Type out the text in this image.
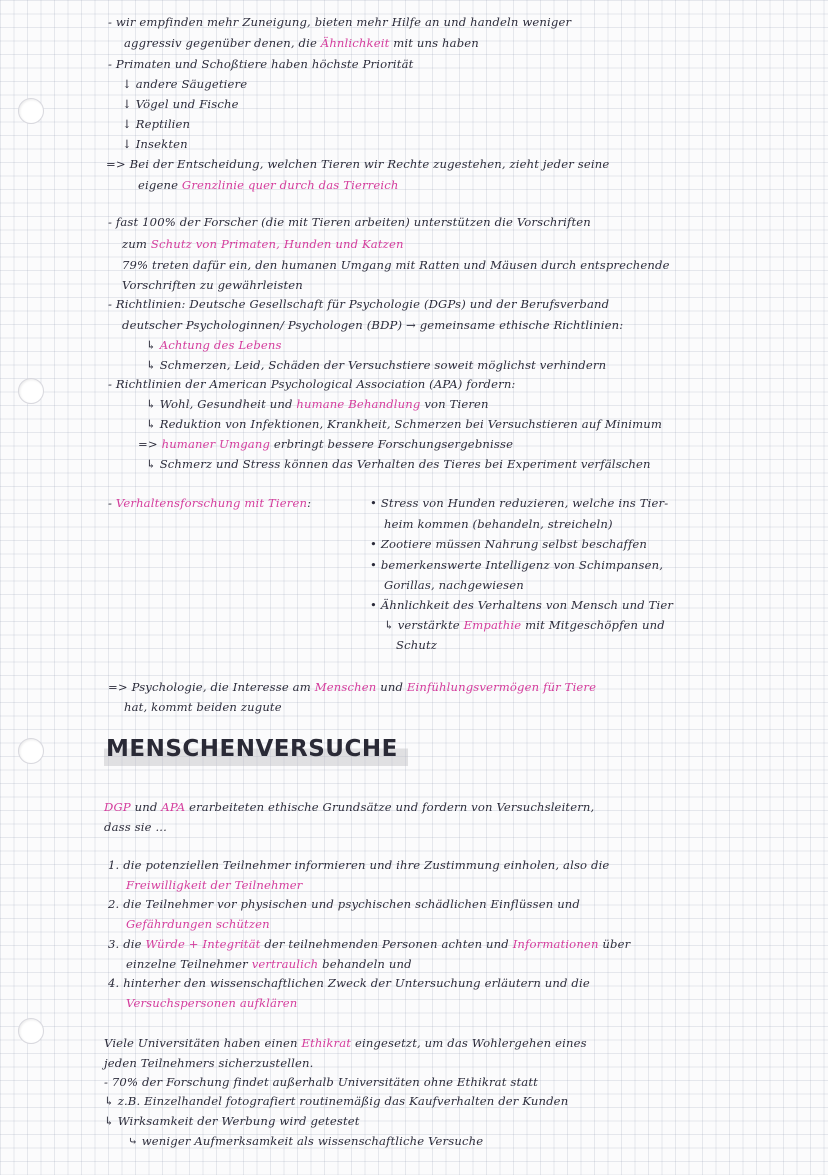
MENSCHENVERSUCHE
- wir empfinden mehr Zuneigung, bieten mehr Hilfe an und handeln weniger
aggressiv gegenüber denen, die Ähnlichkeit mit uns haben
- Primaten und Schoßtiere haben höchste Priorität
↓ andere Säugetiere
↓ Vögel und Fische
↓ Reptilien
↓ Insekten
=> Bei der Entscheidung, welchen Tieren wir Rechte zugestehen, zieht jeder seine
eigene Grenzlinie quer durch das Tierreich
- fast 100% der Forscher (die mit Tieren arbeiten) unterstützen die Vorschriften
zum Schutz von Primaten, Hunden und Katzen
79% treten dafür ein, den humanen Umgang mit Ratten und Mäusen durch entsprechende
Vorschriften zu gewährleisten
- Richtlinien: Deutsche Gesellschaft für Psychologie (DGPs) und der Berufsverband
deutscher Psychologinnen/ Psychologen (BDP) → gemeinsame ethische Richtlinien:
↳ Achtung des Lebens
↳ Schmerzen, Leid, Schäden der Versuchstiere soweit möglichst verhindern
- Richtlinien der American Psychological Association (APA) fordern:
↳ Wohl, Gesundheit und humane Behandlung von Tieren
↳ Reduktion von Infektionen, Krankheit, Schmerzen bei Versuchstieren auf Minimum
=> humaner Umgang erbringt bessere Forschungsergebnisse
↳ Schmerz und Stress können das Verhalten des Tieres bei Experiment verfälschen
- Verhaltensforschung mit Tieren:	• Stress von Hunden reduzieren, welche ins Tier-
heim kommen (behandeln, streicheln)
• Zootiere müssen Nahrung selbst beschaffen
• bemerkenswerte Intelligenz von Schimpansen,
Gorillas, nachgewiesen
• Ähnlichkeit des Verhaltens von Mensch und Tier
↳ verstärkte Empathie mit Mitgeschöpfen und
Schutz
=> Psychologie, die Interesse am Menschen und Einfühlungsvermögen für Tiere
hat, kommt beiden zugute
DGP und APA erarbeiteten ethische Grundsätze und fordern von Versuchsleitern,
dass sie ...
1. die potenziellen Teilnehmer informieren und ihre Zustimmung einholen, also die
Freiwilligkeit der Teilnehmer
2. die Teilnehmer vor physischen und psychischen schädlichen Einflüssen und
Gefährdungen schützen
3. die Würde + Integrität der teilnehmenden Personen achten und Informationen über
einzelne Teilnehmer vertraulich behandeln und
4. hinterher den wissenschaftlichen Zweck der Untersuchung erläutern und die
Versuchspersonen aufklären
Viele Universitäten haben einen Ethikrat eingesetzt, um das Wohlergehen eines
jeden Teilnehmers sicherzustellen.
- 70% der Forschung findet außerhalb Universitäten ohne Ethikrat statt
↳ z.B. Einzelhandel fotografiert routinemäßig das Kaufverhalten der Kunden
↳ Wirksamkeit der Werbung wird getestet
⤷ weniger Aufmerksamkeit als wissenschaftliche Versuche
